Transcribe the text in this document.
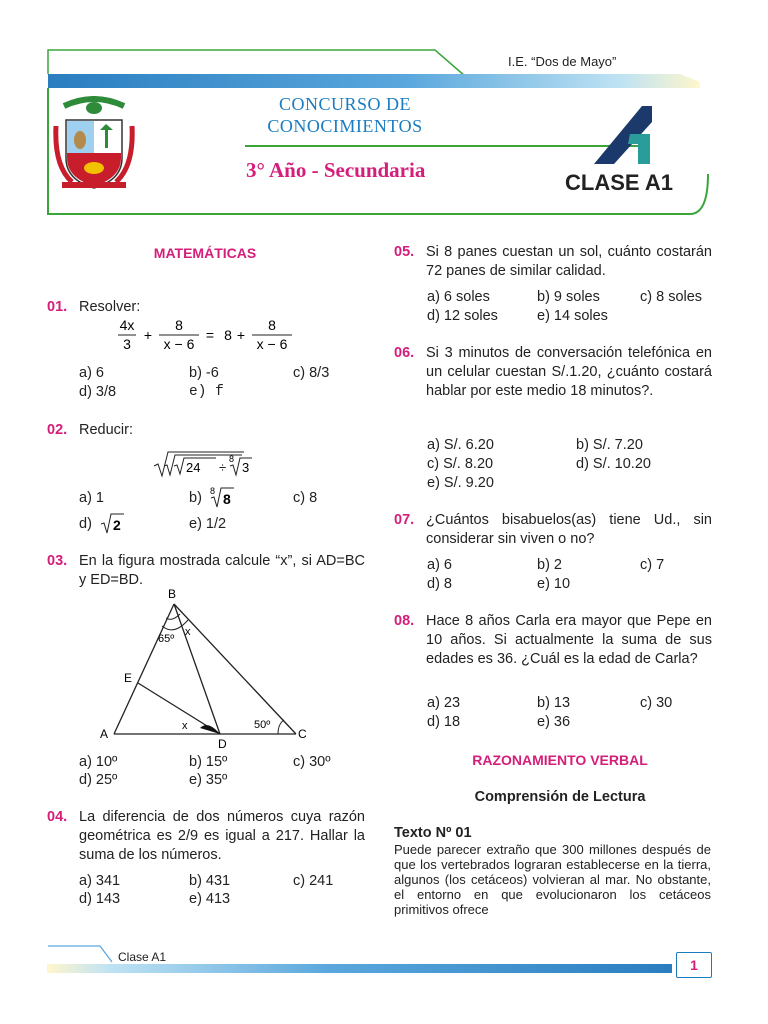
I.E. “Dos de Mayo”
CONCURSO DE
CONOCIMIENTOS
3° Año - Secundaria	CLASE A1
MATEMÁTICAS
01. Resolver:
4x
3
+
8
x − 6
= 8 +
8
x − 6
a) 6	b) -6	c) 8/3
d) 3/8	e) f
02. Reducir:
24 ÷
8
3
a) 1	b) 8 8	c) 8
d) 2	e) 1/2
03. En la figura mostrada calcule “x”, si AD=BC y ED=BD.
B
A	C
D
E
65º
x
x	50º
a) 10º	b) 15º	c) 30º
d) 25º	e) 35º
04. La diferencia de dos números cuya razón geométrica es 2/9 es igual a 217. Hallar la suma de los números.
a) 341	b) 431	c) 241
d) 143	e) 413
05. Si 8 panes cuestan un sol, cuánto costarán 72 panes de similar calidad.
a) 6 soles	b) 9 soles	c) 8 soles
d) 12 soles	e) 14 soles
06. Si 3 minutos de conversación telefónica en un celular cuestan S/.1.20, ¿cuánto costará hablar por este medio 18 minutos?.
a) S/. 6.20	b) S/. 7.20
c) S/. 8.20	d) S/. 10.20
e) S/. 9.20
07. ¿Cuántos bisabuelos(as) tiene Ud., sin considerar sin viven o no?
a) 6	b) 2	c) 7
d) 8	e) 10
08. Hace 8 años Carla era mayor que Pepe en 10 años. Si actualmente la suma de sus edades es 36. ¿Cuál es la edad de Carla?
a) 23	b) 13	c) 30
d) 18	e) 36
RAZONAMIENTO VERBAL
Comprensión de Lectura
Texto Nº 01
Puede parecer extraño que 300 millones después de que los vertebrados lograran establecerse en la tierra, algunos (los cetáceos) volvieran al mar. No obstante, el entorno en que evolucionaron los cetáceos primitivos ofrece
Clase A1	1
